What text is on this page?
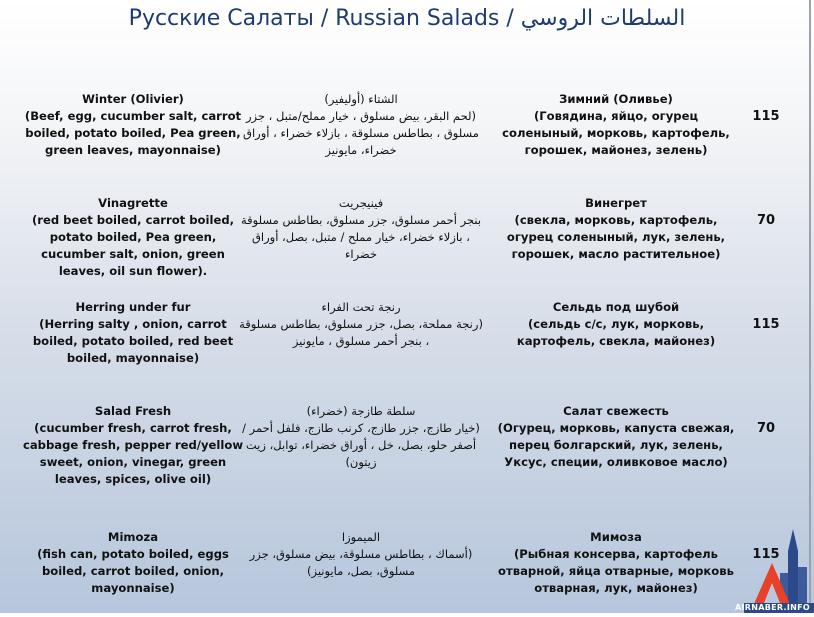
Русские Салаты / Russian Salads / السلطات الروسي
Winter (Olivier)
(Beef, egg, cucumber salt, carrot boiled, potato boiled, Pea green, green leaves, mayonnaise)
الشتاء (أوليفير)
(لحم البقر، بيض مسلوق ، خيار مملح/متبل ، جزر مسلوق ، بطاطس مسلوقة ، بازلاء خضراء ، أوراق خضراء، مايونيز
Зимний (Оливье)
(Говядина, яйцо, огурец соленыный, морковь, картофель, горошек, майонез, зелень)
115
Vinagrette
(red beet boiled, carrot boiled, potato boiled, Pea green, cucumber salt, onion, green leaves, oil sun flower).
فينيجريت
بنجر أحمر مسلوق، جزر مسلوق، بطاطس مسلوقة ، بازلاء خضراء، خيار مملح / متبل، بصل، أوراق خضراء
Винегрет
(свекла, морковь, картофель, огурец соленыный, лук, зелень, горошек, масло растительное)
70
Herring under fur
(Herring salty , onion, carrot boiled, potato boiled, red beet boiled, mayonnaise)
رنجة تحت الفراء
(رنجة مملحة، بصل، جزر مسلوق، بطاطس مسلوقة ، بنجر أحمر مسلوق ، مايونيز
Сельдь под шубой
(сельдь с/с, лук, морковь, картофель, свекла, майонез)
115
Salad Fresh
(cucumber fresh, carrot fresh, cabbage fresh, pepper red/yellow sweet, onion, vinegar, green leaves, spices, olive oil)
سلطة طازجة (خضراء)
(خيار طازج، جزر طازج، كرنب طازج، فلفل أحمر / أصفر حلو، بصل، خل ، أوراق خضراء، توابل، زيت زيتون)
Салат свежесть
(Огурец, морковь, капуста свежая, перец болгарский, лук, зелень, Уксус, специи, оливковое масло)
70
Mimoza
(fish can, potato boiled, eggs boiled, carrot boiled, onion, mayonnaise)
الميموزا
(أسماك ، بطاطس مسلوقة، بيض مسلوق، جزر مسلوق، بصل، مايونيز)
Мимоза
(Рыбная консерва, картофель отварной, яйца отварные, морковь отварная, лук, майонез)
115
AIRNABER.INFO
